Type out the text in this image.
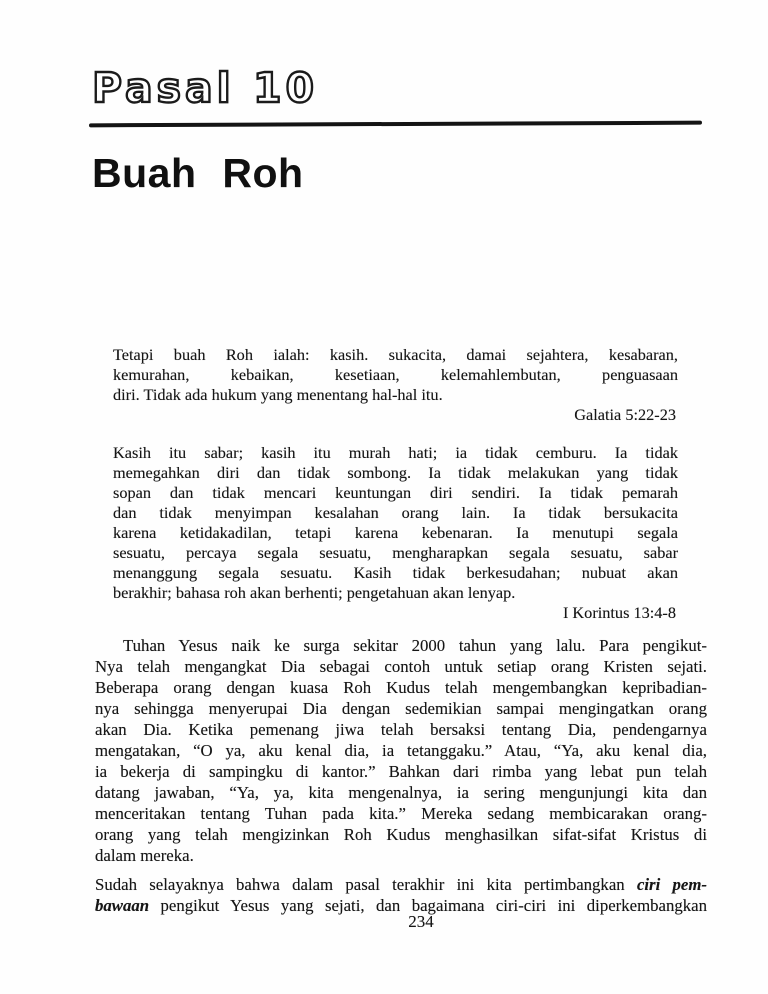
Pasal 10
Buah Roh
Tetapi buah Roh ialah: kasih. sukacita, damai sejahtera, kesabaran,
kemurahan, kebaikan, kesetiaan, kelemahlembutan, penguasaan
diri. Tidak ada hukum yang menentang hal-hal itu.
Galatia 5:22-23
Kasih itu sabar; kasih itu murah hati; ia tidak cemburu. Ia tidak
memegahkan diri dan tidak sombong. Ia tidak melakukan yang tidak
sopan dan tidak mencari keuntungan diri sendiri. Ia tidak pemarah
dan tidak menyimpan kesalahan orang lain. Ia tidak bersukacita
karena ketidakadilan, tetapi karena kebenaran. Ia menutupi segala
sesuatu, percaya segala sesuatu, mengharapkan segala sesuatu, sabar
menanggung segala sesuatu. Kasih tidak berkesudahan; nubuat akan
berakhir; bahasa roh akan berhenti; pengetahuan akan lenyap.
I Korintus 13:4-8
Tuhan Yesus naik ke surga sekitar 2000 tahun yang lalu. Para pengikut-
Nya telah mengangkat Dia sebagai contoh untuk setiap orang Kristen sejati.
Beberapa orang dengan kuasa Roh Kudus telah mengembangkan kepribadian-
nya sehingga menyerupai Dia dengan sedemikian sampai mengingatkan orang
akan Dia. Ketika pemenang jiwa telah bersaksi tentang Dia, pendengarnya
mengatakan, “O ya, aku kenal dia, ia tetanggaku.” Atau, “Ya, aku kenal dia,
ia bekerja di sampingku di kantor.” Bahkan dari rimba yang lebat pun telah
datang jawaban, “Ya, ya, kita mengenalnya, ia sering mengunjungi kita dan
menceritakan tentang Tuhan pada kita.” Mereka sedang membicarakan orang-
orang yang telah mengizinkan Roh Kudus menghasilkan sifat-sifat Kristus di
dalam mereka.
Sudah selayaknya bahwa dalam pasal terakhir ini kita pertimbangkan ciri pem-
bawaan pengikut Yesus yang sejati, dan bagaimana ciri-ciri ini diperkembangkan
234
